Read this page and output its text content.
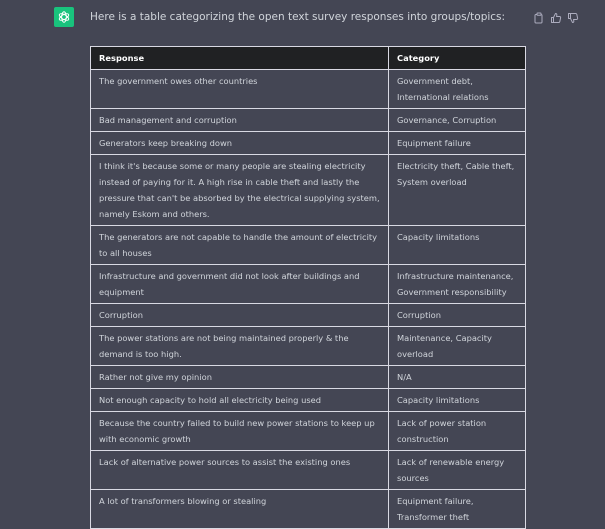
Here is a table categorizing the open text survey responses into groups/topics:
Response	Category
The government owes other countries	Government debt, International relations
Bad management and corruption	Governance, Corruption
Generators keep breaking down	Equipment failure
I think it's because some or many people are stealing electricity instead of paying for it. A high rise in cable theft and lastly the pressure that can't be absorbed by the electrical supplying system, namely Eskom and others.	Electricity theft, Cable theft, System overload
The generators are not capable to handle the amount of electricity to all houses	Capacity limitations
Infrastructure and government did not look after buildings and equipment	Infrastructure maintenance, Government responsibility
Corruption	Corruption
The power stations are not being maintained properly & the demand is too high.	Maintenance, Capacity overload
Rather not give my opinion	N/A
Not enough capacity to hold all electricity being used	Capacity limitations
Because the country failed to build new power stations to keep up with economic growth	Lack of power station construction
Lack of alternative power sources to assist the existing ones	Lack of renewable energy sources
A lot of transformers blowing or stealing	Equipment failure, Transformer theft
